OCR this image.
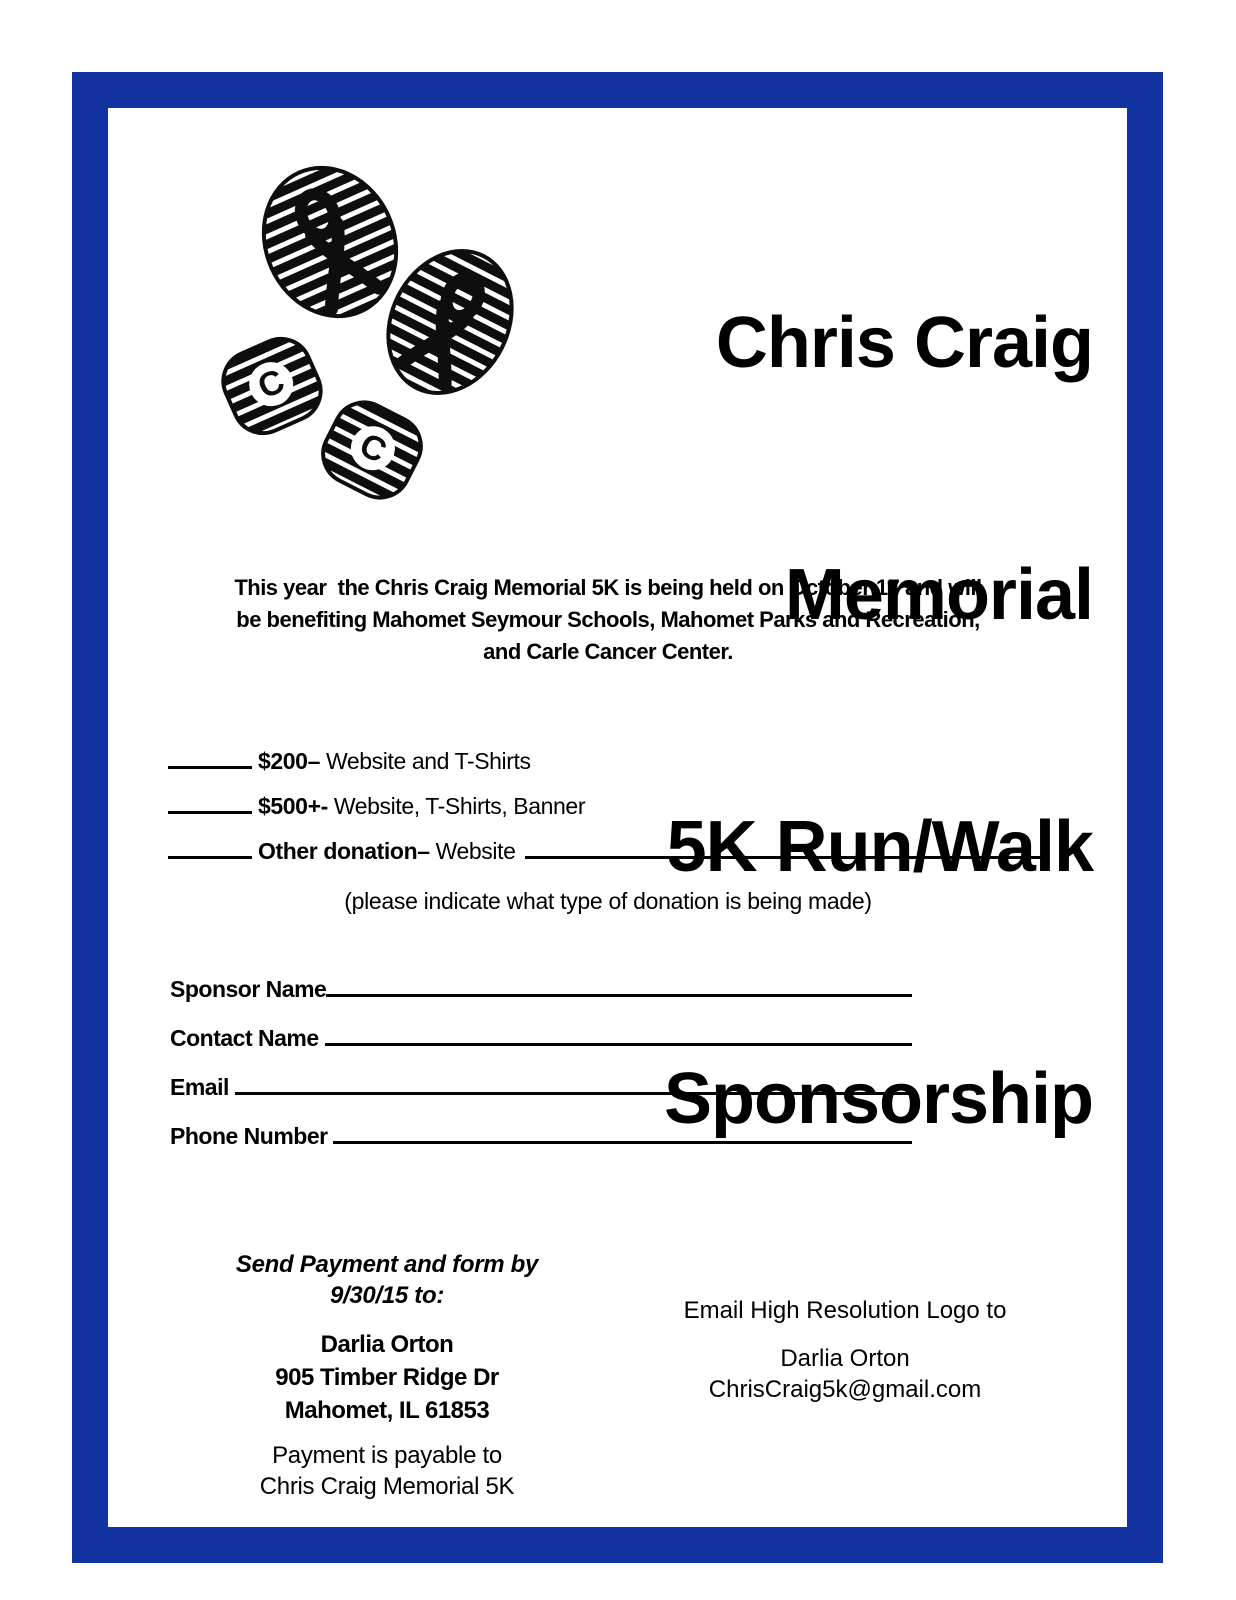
C
C

Chris Craig

Memorial

5K Run/Walk

Sponsorship

This year  the Chris Craig Memorial 5K is being held on October 17 and will
be benefiting Mahomet Seymour Schools, Mahomet Parks and Recreation,
and Carle Cancer Center.
$200 – Website and T-Shirts
$500+ - Website, T-Shirts, Banner
Other donation – Website
(please indicate what type of donation is being made)
Sponsor Name
Contact Name
Email
Phone Number
Send Payment and form by
9/30/15 to:
Darlia Orton
905 Timber Ridge Dr
Mahomet, IL 61853
Payment is payable to
Chris Craig Memorial 5K
Email High Resolution Logo to
Darlia Orton
ChrisCraig5k@gmail.com
